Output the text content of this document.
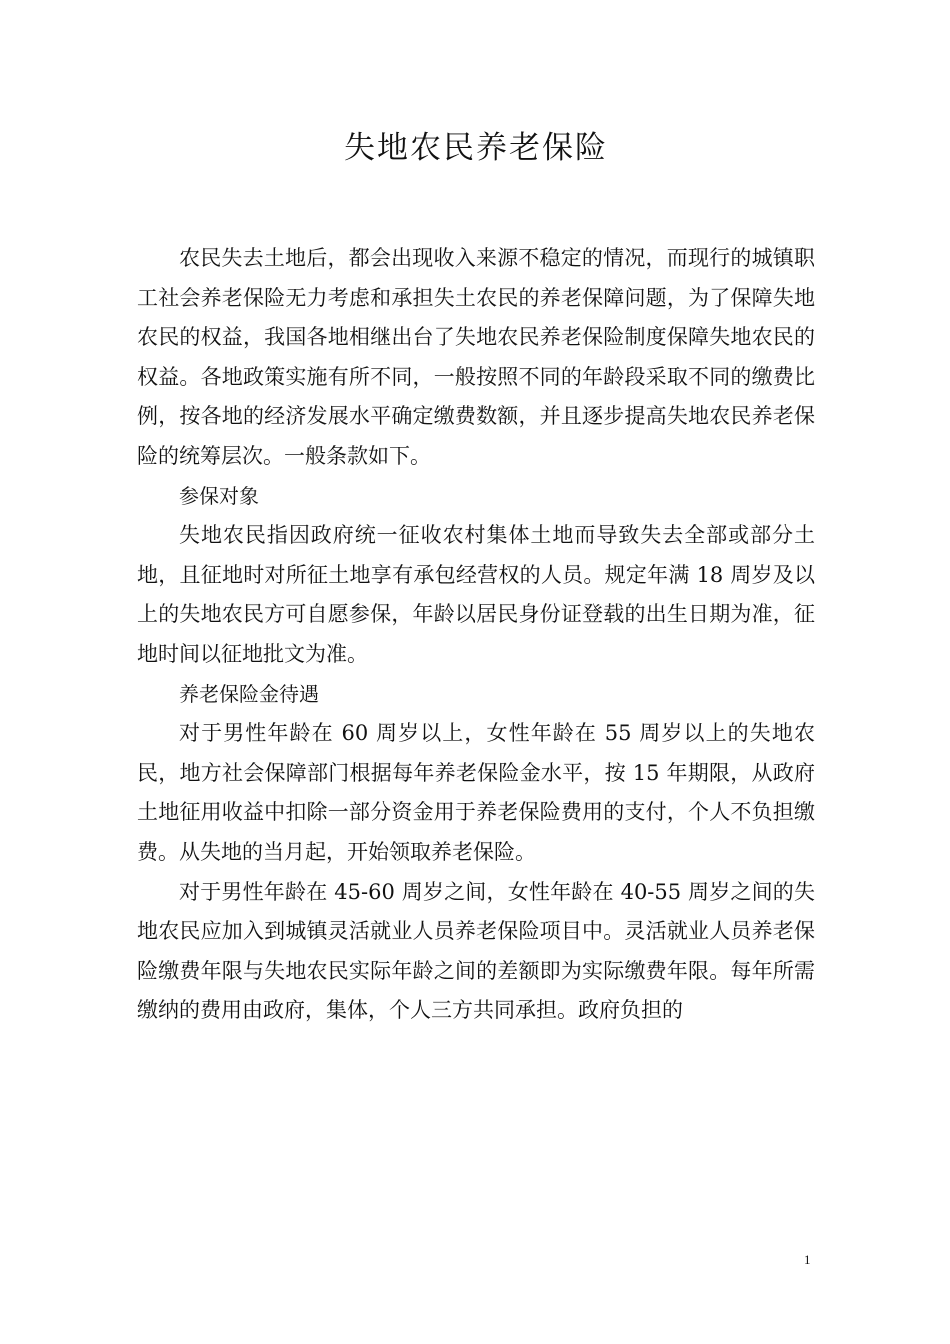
失地农民养老保险

农民失去土地后，都会出现收入来源不稳定的情况，而现行的城镇职工社会养老保险无力考虑和承担失土农民的养老保障问题，为了保障失地农民的权益，我国各地相继出台了失地农民养老保险制度保障失地农民的权益。各地政策实施有所不同，一般按照不同的年龄段采取不同的缴费比例，按各地的经济发展水平确定缴费数额，并且逐步提高失地农民养老保险的统筹层次。一般条款如下。

参保对象

失地农民指因政府统一征收农村集体土地而导致失去全部或部分土地，且征地时对所征土地享有承包经营权的人员。规定年满 18 周岁及以上的失地农民方可自愿参保，年龄以居民身份证登载的出生日期为准，征地时间以征地批文为准。

养老保险金待遇

对于男性年龄在 60 周岁以上，女性年龄在 55 周岁以上的失地农民，地方社会保障部门根据每年养老保险金水平，按 15 年期限，从政府土地征用收益中扣除一部分资金用于养老保险费用的支付，个人不负担缴费。从失地的当月起，开始领取养老保险。

对于男性年龄在 45-60 周岁之间，女性年龄在 40-55 周岁之间的失地农民应加入到城镇灵活就业人员养老保险项目中。灵活就业人员养老保险缴费年限与失地农民实际年龄之间的差额即为实际缴费年限。每年所需缴纳的费用由政府，集体，个人三方共同承担。政府负担的

1
